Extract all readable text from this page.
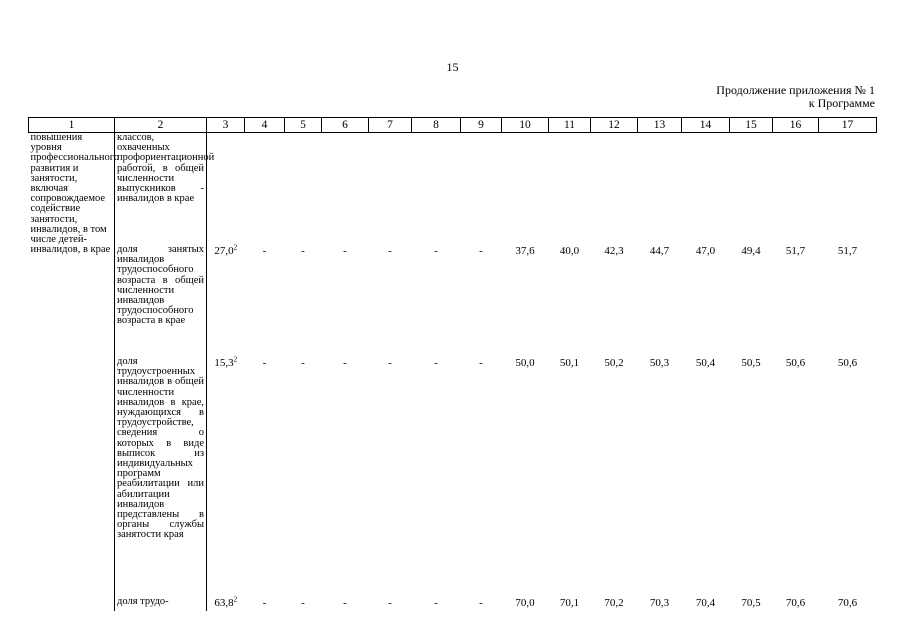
15
Продолжение приложения № 1
к Программе
1	2	3	4	5	6	7	8	9	10	11	12	13	14	15	16	17
повышения уровня профессионального развития и занятости, включая сопровождаемое содействие занятости, инвалидов, в том числе детей-инвалидов, в крае	классов, охваченных профориентационной работой, в общей численности выпускников - инвалидов в крае															
	доля занятых инвалидов трудоспособного возраста в общей численности инвалидов трудоспособного возраста в крае	27,0$^2$	-	-	-	-	-	-	37,6	40,0	42,3	44,7	47,0	49,4	51,7	51,7
	доля трудоустроенных инвалидов в общей численности инвалидов в крае, нуждающихся в трудоустройстве, сведения о которых в виде выписок из индивидуальных программ реабилитации или абилитации инвалидов представлены в органы службы занятости края	15,3$^2$	-	-	-	-	-	-	50,0	50,1	50,2	50,3	50,4	50,5	50,6	50,6
	доля трудо-	63,8$^2$	-	-	-	-	-	-	70,0	70,1	70,2	70,3	70,4	70,5	70,6	70,6
